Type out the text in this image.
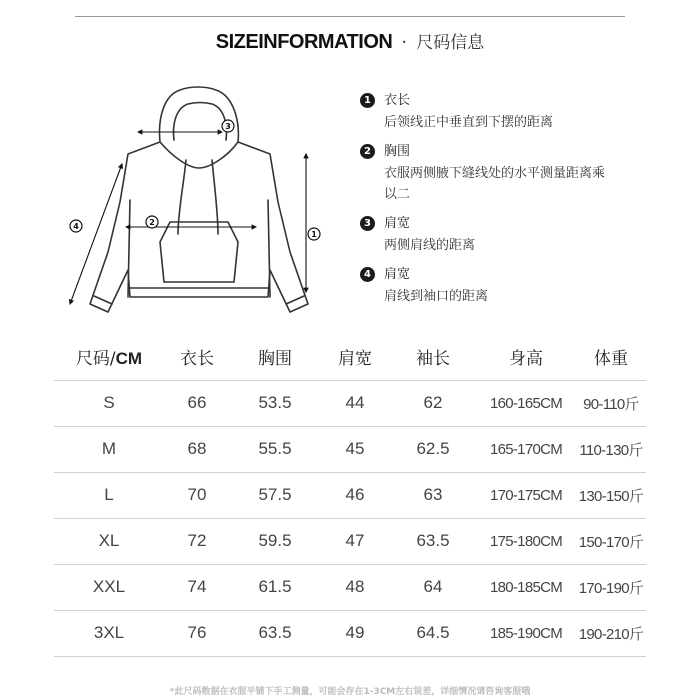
SIZEINFORMATION · 尺码信息
3
2
1
4
1	衣长
后领线正中垂直到下摆的距离
2	胸围
衣服两侧腋下缝线处的水平测量距离乘以二
3	肩宽
两侧肩线的距离
4	肩宽
肩线到袖口的距离
尺码/CM	衣长	胸围	肩宽	袖长	身高	体重
S	66	53.5	44	62	160-165CM	90-110斤
M	68	55.5	45	62.5	165-170CM	110-130斤
L	70	57.5	46	63	170-175CM	130-150斤
XL	72	59.5	47	63.5	175-180CM	150-170斤
XXL	74	61.5	48	64	180-185CM	170-190斤
3XL	76	63.5	49	64.5	185-190CM	190-210斤
*此尺码数据在衣服平铺下手工测量，可能会存在1-3CM左右误差，详细情况请咨询客服哦
